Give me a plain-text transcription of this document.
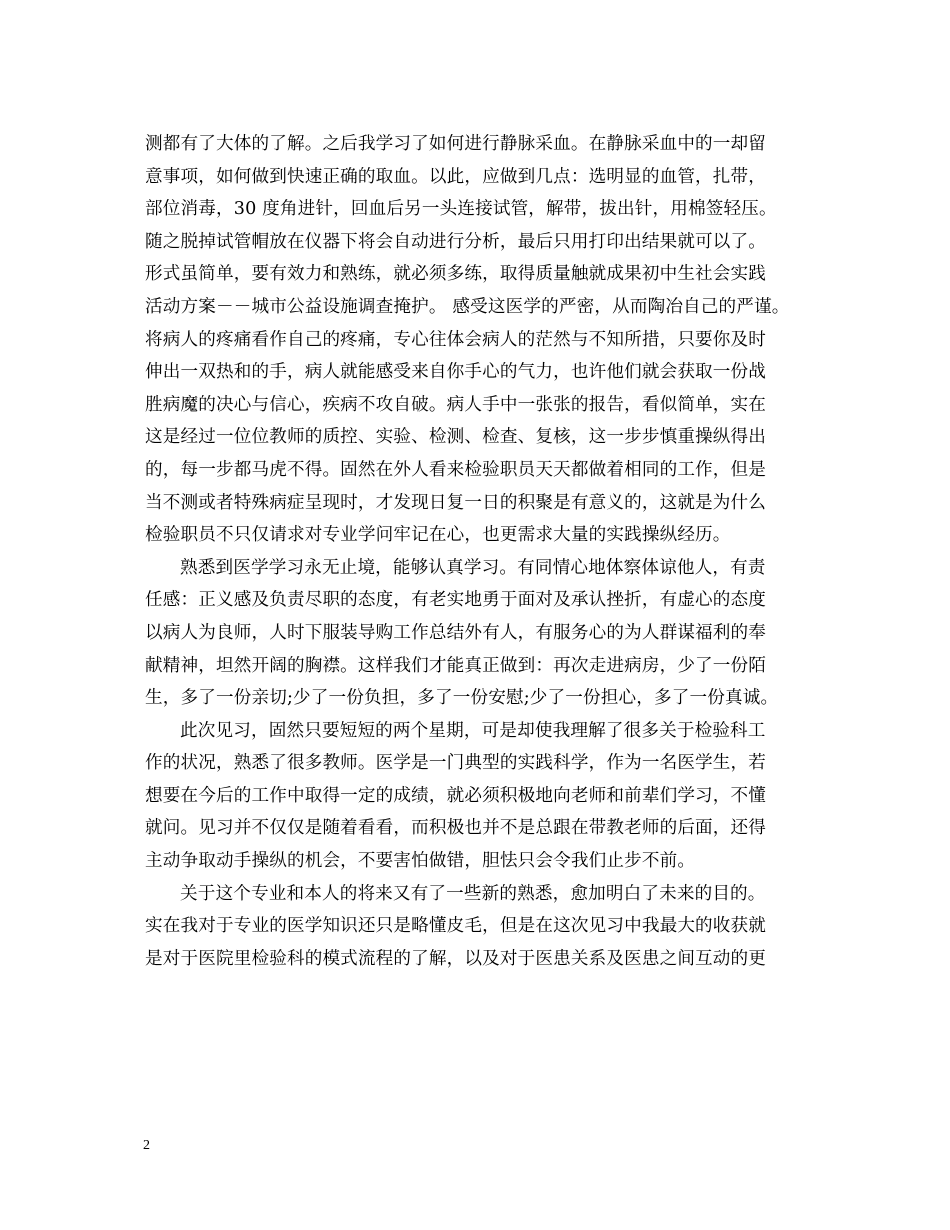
测都有了大体的了解。之后我学习了如何进行静脉采血。在静脉采血中的一却留
意事项，如何做到快速正确的取血。以此，应做到几点：选明显的血管，扎带，
部位消毒，30 度角进针，回血后另一头连接试管，解带，拔出针，用棉签轻压。
随之脱掉试管帽放在仪器下将会自动进行分析，最后只用打印出结果就可以了。
形式虽简单，要有效力和熟练，就必须多练，取得质量触就成果初中生社会实践
活动方案－－城市公益设施调查掩护。 感受这医学的严密，从而陶冶自己的严谨。
将病人的疼痛看作自己的疼痛，专心往体会病人的茫然与不知所措，只要你及时
伸出一双热和的手，病人就能感受来自你手心的气力，也许他们就会获取一份战
胜病魔的决心与信心，疾病不攻自破。病人手中一张张的报告，看似简单，实在
这是经过一位位教师的质控、实验、检测、检查、复核，这一步步慎重操纵得出
的，每一步都马虎不得。固然在外人看来检验职员天天都做着相同的工作，但是
当不测或者特殊病症呈现时，才发现日复一日的积聚是有意义的，这就是为什么
检验职员不只仅请求对专业学问牢记在心，也更需求大量的实践操纵经历。
熟悉到医学学习永无止境，能够认真学习。有同情心地体察体谅他人，有责
任感：正义感及负责尽职的态度，有老实地勇于面对及承认挫折，有虚心的态度
以病人为良师，人时下服装导购工作总结外有人，有服务心的为人群谋福利的奉
献精神，坦然开阔的胸襟。这样我们才能真正做到：再次走进病房，少了一份陌
生，多了一份亲切;少了一份负担，多了一份安慰;少了一份担心，多了一份真诚。
此次见习，固然只要短短的两个星期，可是却使我理解了很多关于检验科工
作的状况，熟悉了很多教师。医学是一门典型的实践科学，作为一名医学生，若
想要在今后的工作中取得一定的成绩，就必须积极地向老师和前辈们学习，不懂
就问。见习并不仅仅是随着看看，而积极也并不是总跟在带教老师的后面，还得
主动争取动手操纵的机会，不要害怕做错，胆怯只会令我们止步不前。
关于这个专业和本人的将来又有了一些新的熟悉，愈加明白了未来的目的。
实在我对于专业的医学知识还只是略懂皮毛，但是在这次见习中我最大的收获就
是对于医院里检验科的模式流程的了解，以及对于医患关系及医患之间互动的更
2
